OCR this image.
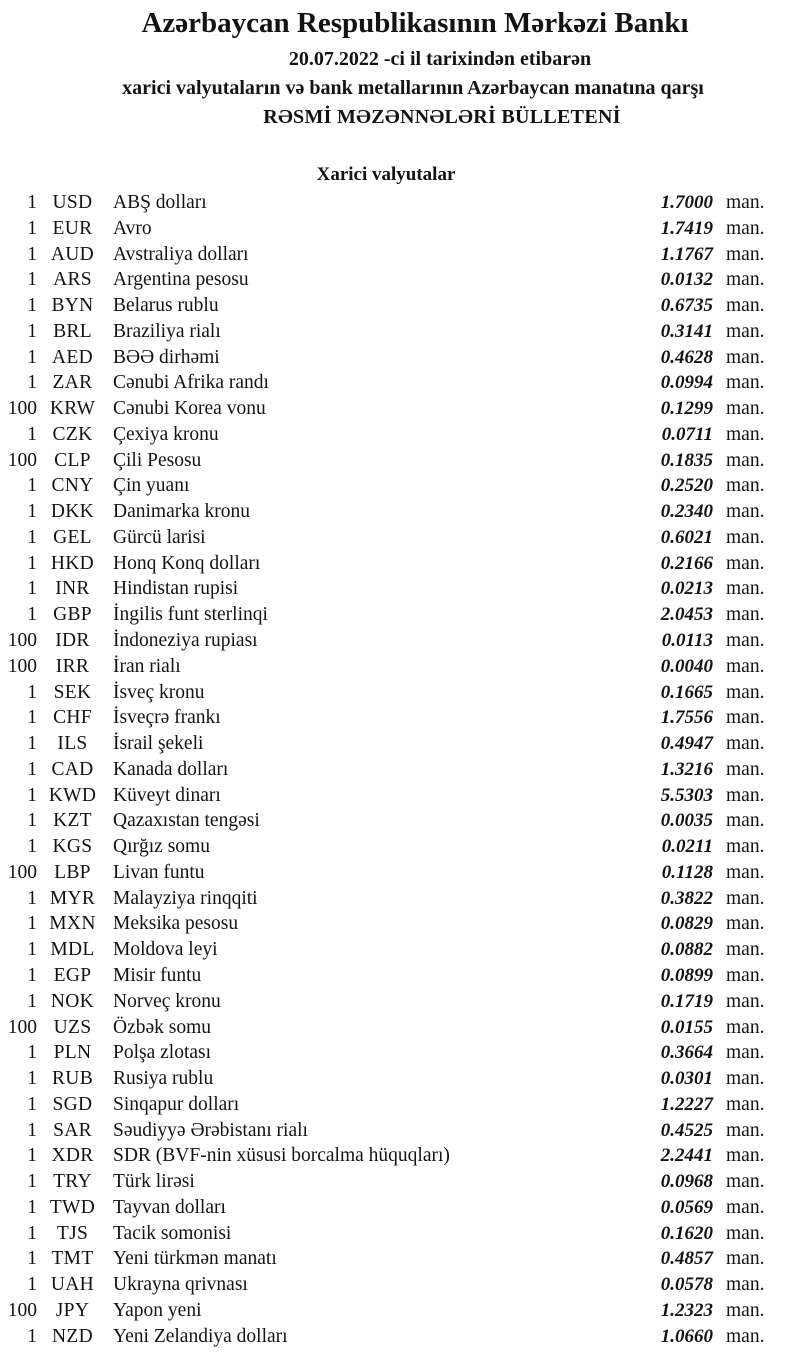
Azərbaycan Respublikasının Mərkəzi Bankı
20.07.2022 -ci il tarixindən etibarən
xarici valyutaların və bank metallarının Azərbaycan manatına qarşı
RƏSMİ MƏZƏNNƏLƏRİ BÜLLETENİ
Xarici valyutalar
1 USD	ABŞ dolları	1.7000 man.
1 EUR	Avro	1.7419 man.
1 AUD Avstraliya dolları	1.1767 man.
1 ARS	Argentina pesosu	0.0132 man.
1 BYN Belarus rublu	0.6735 man.
1 BRL	Braziliya rialı	0.3141 man.
1 AED	BƏƏ dirhəmi	0.4628 man.
1 ZAR	Cənubi Afrika randı	0.0994 man.
100 KRW Cənubi Korea vonu	0.1299 man.
1 CZK	Çexiya kronu	0.0711 man.
100 CLP	Çili Pesosu	0.1835 man.
1 CNY Çin yuanı	0.2520 man.
1 DKK Danimarka kronu	0.2340 man.
1 GEL	Gürcü larisi	0.6021 man.
1 HKD Honq Konq dolları	0.2166 man.
1 INR	Hindistan rupisi	0.0213 man.
1 GBP	İngilis funt sterlinqi	2.0453 man.
100 IDR	İndoneziya rupiası	0.0113 man.
100 IRR	İran rialı	0.0040 man.
1 SEK	İsveç kronu	0.1665 man.
1 CHF	İsveçrə frankı	1.7556 man.
1	ILS	İsrail şekeli	0.4947 man.
1 CAD Kanada dolları	1.3216 man.
1 KWD Küveyt dinarı	5.5303 man.
1 KZT	Qazaxıstan tengəsi	0.0035 man.
1 KGS	Qırğız somu	0.0211 man.
100 LBP	Livan funtu	0.1128 man.
1 MYR Malayziya rinqqiti	0.3822 man.
1 MXN Meksika pesosu	0.0829 man.
1 MDL Moldova leyi	0.0882 man.
1 EGP	Misir funtu	0.0899 man.
1 NOK Norveç kronu	0.1719 man.
100 UZS	Özbək somu	0.0155 man.
1 PLN	Polşa zlotası	0.3664 man.
1 RUB	Rusiya rublu	0.0301 man.
1 SGD	Sinqapur dolları	1.2227 man.
1 SAR	Səudiyyə Ərəbistanı rialı	0.4525 man.
1 XDR SDR (BVF-nin xüsusi borcalma hüquqları)	2.2441 man.
1 TRY	Türk lirəsi	0.0968 man.
1 TWD Tayvan dolları	0.0569 man.
1	TJS	Tacik somonisi	0.1620 man.
1 TMT Yeni türkmən manatı	0.4857 man.
1 UAH Ukrayna qrivnası	0.0578 man.
100 JPY	Yapon yeni	1.2323 man.
1 NZD	Yeni Zelandiya dolları	1.0660 man.
